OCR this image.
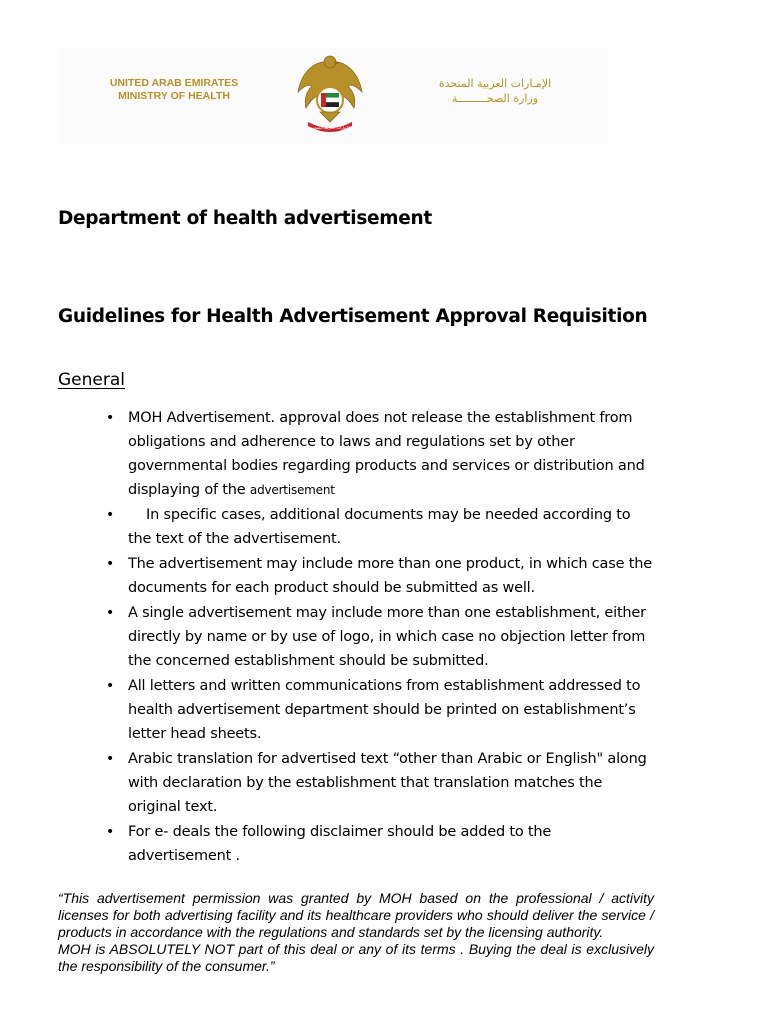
UNITED ARAB EMIRATES
MINISTRY OF HEALTH
الإمارات العربية المتحدة
الإمـارات العربية المتحدة
وزارة الصحـــــــــة
Department of health advertisement
Guidelines for Health Advertisement Approval Requisition
General
• MOH Advertisement. approval does not release the establishment from obligations and adherence to laws and regulations set by other governmental bodies regarding products and services or distribution and displaying of the advertisement
• In specific cases, additional documents may be needed according to the text of the advertisement.
• The advertisement may include more than one product, in which case the documents for each product should be submitted as well.
• A single advertisement may include more than one establishment, either directly by name or by use of logo, in which case no objection letter from the concerned establishment should be submitted.
• All letters and written communications from establishment addressed to health advertisement department should be printed on establishment’s letter head sheets.
• Arabic translation for advertised text “other than Arabic or English" along with declaration by the establishment that translation matches the original text.
• For e- deals the following disclaimer should be added to the advertisement .
“This advertisement permission was granted by MOH based on the professional / activity licenses for both advertising facility and its healthcare providers who should deliver the service / products in accordance with the regulations and standards set by the licensing authority.
MOH is ABSOLUTELY NOT part of this deal or any of its terms . Buying the deal is exclusively the responsibility of the consumer.”
